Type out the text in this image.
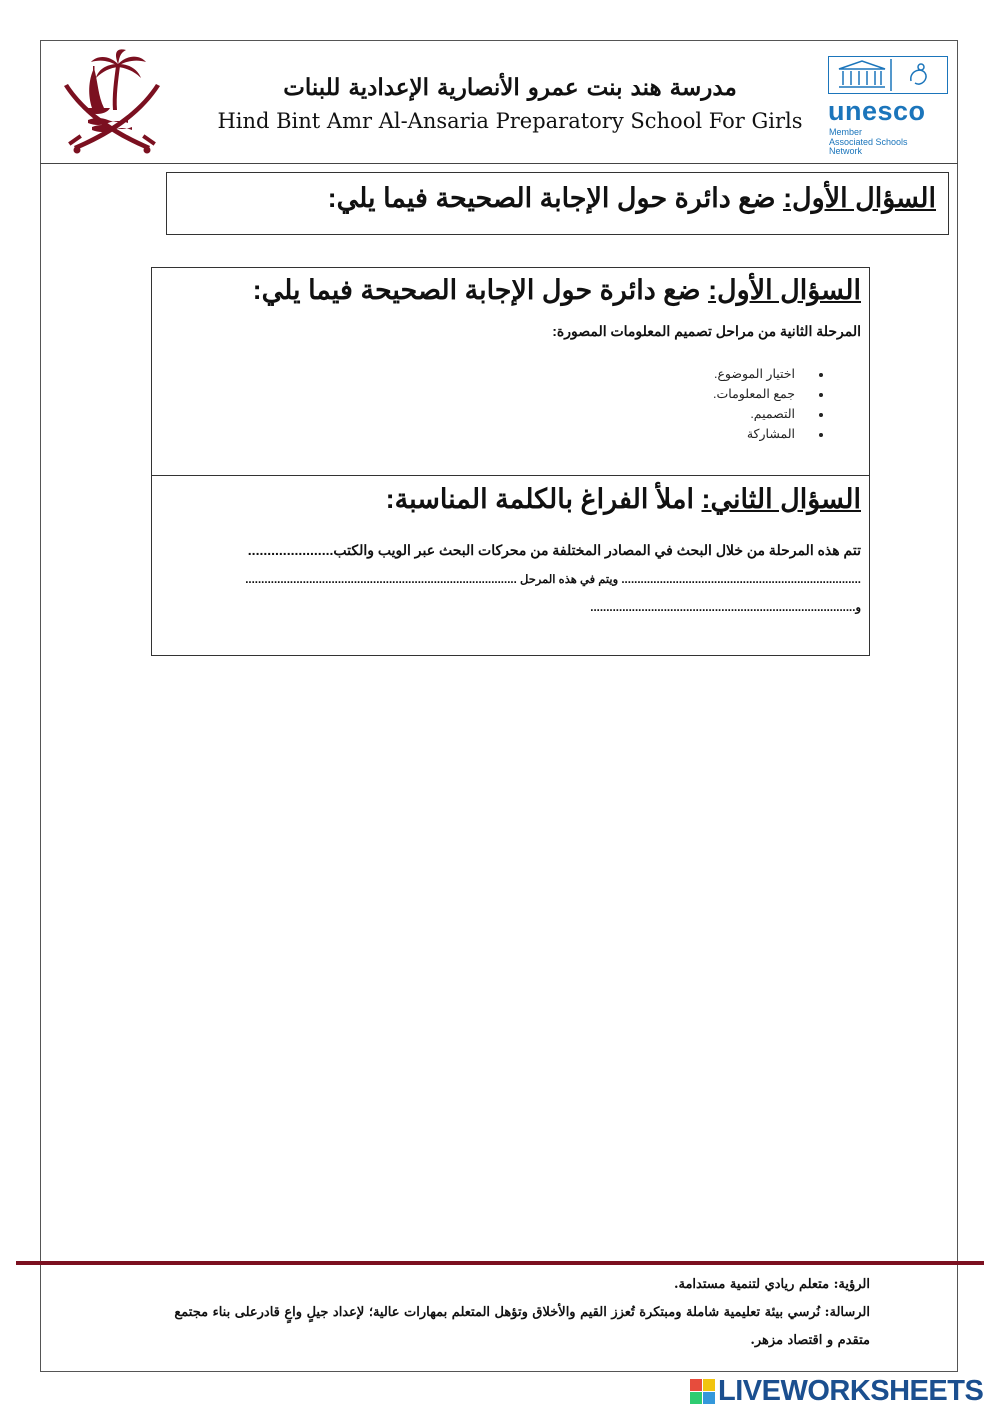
مدرسة هند بنت عمرو الأنصارية الإعدادية للبنات
Hind Bint Amr Al-Ansaria Preparatory School For Girls unesco
Member
Associated Schools
Network
السؤال الأول: ضع دائرة حول الإجابة الصحيحة فيما يلي:
السؤال الأول: ضع دائرة حول الإجابة الصحيحة فيما يلي:
المرحلة الثانية من مراحل تصميم المعلومات المصورة:
• اختيار الموضوع.
• جمع المعلومات.
• التصميم.
• المشاركة
السؤال الثاني: املأ الفراغ بالكلمة المناسبة:
تتم هذه المرحلة من خلال البحث في المصادر المختلفة من محركات البحث عبر الويب والكتب......................
........................................................................... ويتم في هذه المرحل .....................................................................................
و...................................................................................
الرؤية: متعلم ريادي لتنمية مستدامة.
الرسالة: نُرسي بيئة تعليمية شاملة ومبتكرة تُعزز القيم والأخلاق وتؤهل المتعلم بمهارات عالية؛ لإعداد جيلٍ واعٍ قادرعلى بناء مجتمع متقدم و اقتصاد مزهر.
LIVEWORKSHEETS
